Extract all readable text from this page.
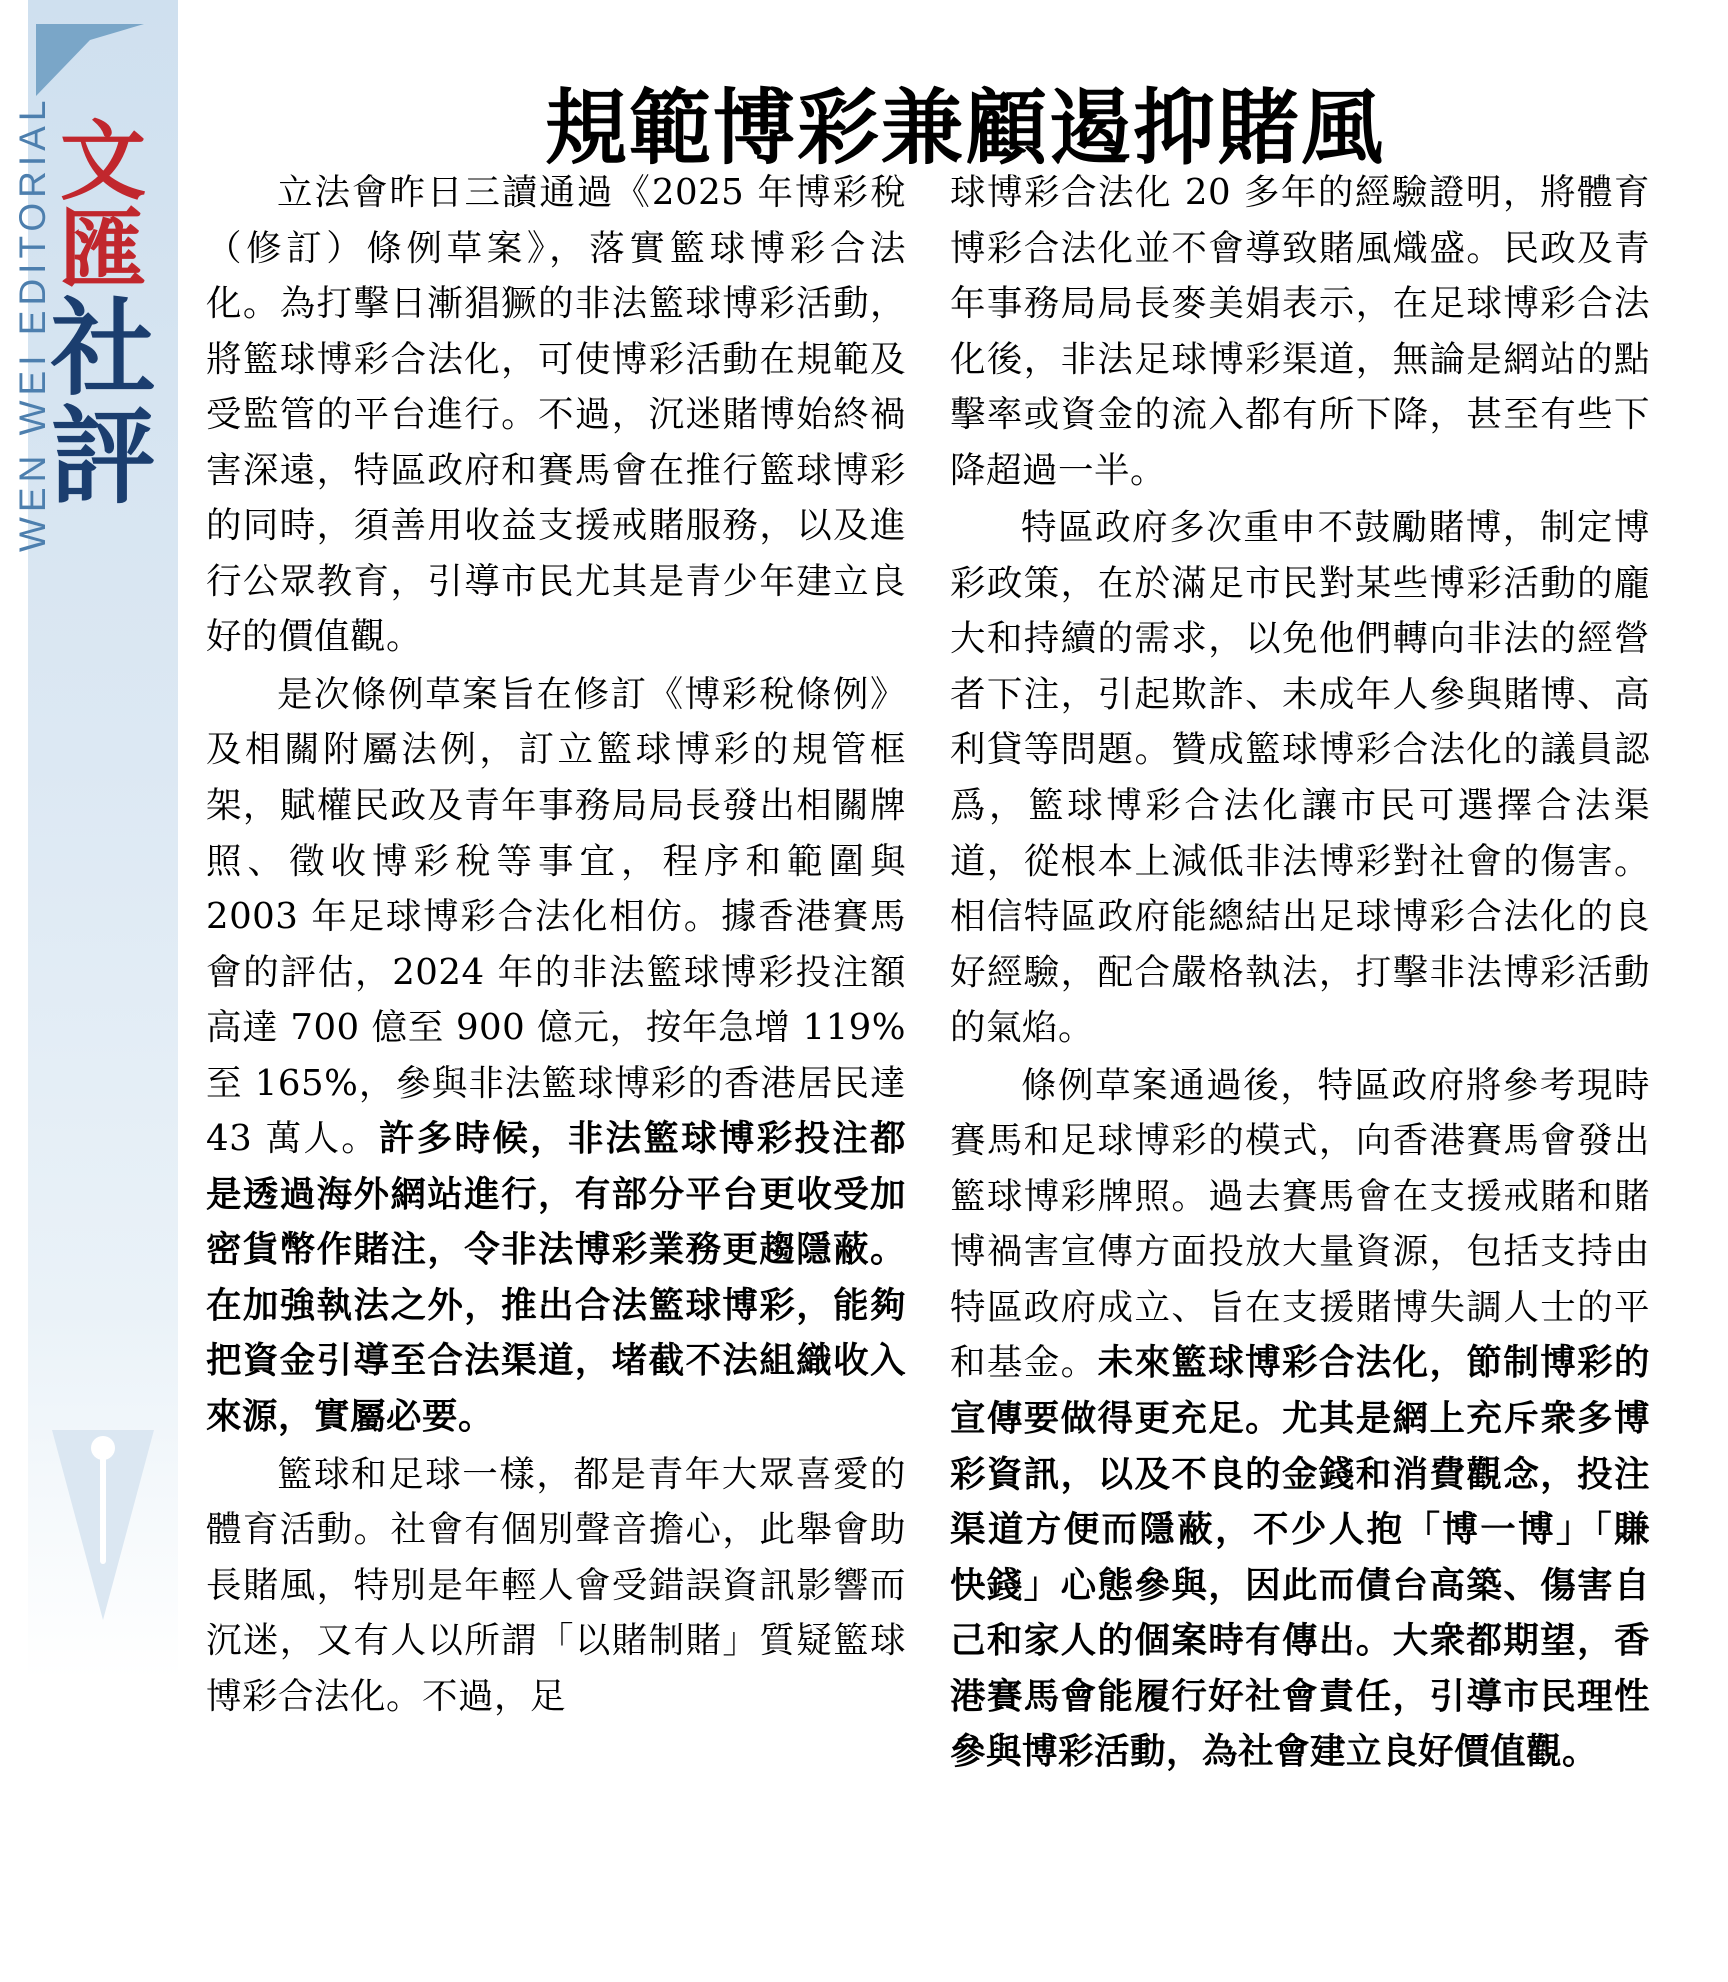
文匯
社評
WEN WEI EDITORIAL	規範博彩兼顧遏抑賭風

立法會昨日三讀通過《2025 年博彩稅（修訂）條例草案》，落實籃球博彩合法化。為打擊日漸猖獗的非法籃球博彩活動，將籃球博彩合法化，可使博彩活動在規範及受監管的平台進行。不過，沉迷賭博始終禍害深遠，特區政府和賽馬會在推行籃球博彩的同時，須善用收益支援戒賭服務，以及進行公眾教育，引導市民尤其是青少年建立良好的價值觀。

是次條例草案旨在修訂《博彩稅條例》及相關附屬法例，訂立籃球博彩的規管框架，賦權民政及青年事務局局長發出相關牌照、徵收博彩稅等事宜，程序和範圍與 2003 年足球博彩合法化相仿。據香港賽馬會的評估，2024 年的非法籃球博彩投注額高達 700 億至 900 億元，按年急增 119% 至 165%，參與非法籃球博彩的香港居民達 43 萬人。許多時候，非法籃球博彩投注都是透過海外網站進行，有部分平台更收受加密貨幣作賭注，令非法博彩業務更趨隱蔽。在加強執法之外，推出合法籃球博彩，能夠把資金引導至合法渠道，堵截不法組織收入來源，實屬必要。

籃球和足球一樣，都是青年大眾喜愛的體育活動。社會有個別聲音擔心，此舉會助長賭風，特別是年輕人會受錯誤資訊影響而沉迷，又有人以所謂「以賭制賭」質疑籃球博彩合法化。不過，足

球博彩合法化 20 多年的經驗證明，將體育博彩合法化並不會導致賭風熾盛。民政及青年事務局局長麥美娟表示，在足球博彩合法化後，非法足球博彩渠道，無論是網站的點擊率或資金的流入都有所下降，甚至有些下降超過一半。

特區政府多次重申不鼓勵賭博，制定博彩政策，在於滿足市民對某些博彩活動的龐大和持續的需求，以免他們轉向非法的經營者下注，引起欺詐、未成年人參與賭博、高利貸等問題。贊成籃球博彩合法化的議員認爲，籃球博彩合法化讓市民可選擇合法渠道，從根本上減低非法博彩對社會的傷害。相信特區政府能總結出足球博彩合法化的良好經驗，配合嚴格執法，打擊非法博彩活動的氣焰。

條例草案通過後，特區政府將參考現時賽馬和足球博彩的模式，向香港賽馬會發出籃球博彩牌照。過去賽馬會在支援戒賭和賭博禍害宣傳方面投放大量資源，包括支持由特區政府成立、旨在支援賭博失調人士的平和基金。未來籃球博彩合法化，節制博彩的宣傳要做得更充足。尤其是網上充斥衆多博彩資訊，以及不良的金錢和消費觀念，投注渠道方便而隱蔽，不少人抱「博一博」「賺快錢」心態參與，因此而債台高築、傷害自己和家人的個案時有傳出。大衆都期望，香港賽馬會能履行好社會責任，引導市民理性參與博彩活動，為社會建立良好價值觀。
